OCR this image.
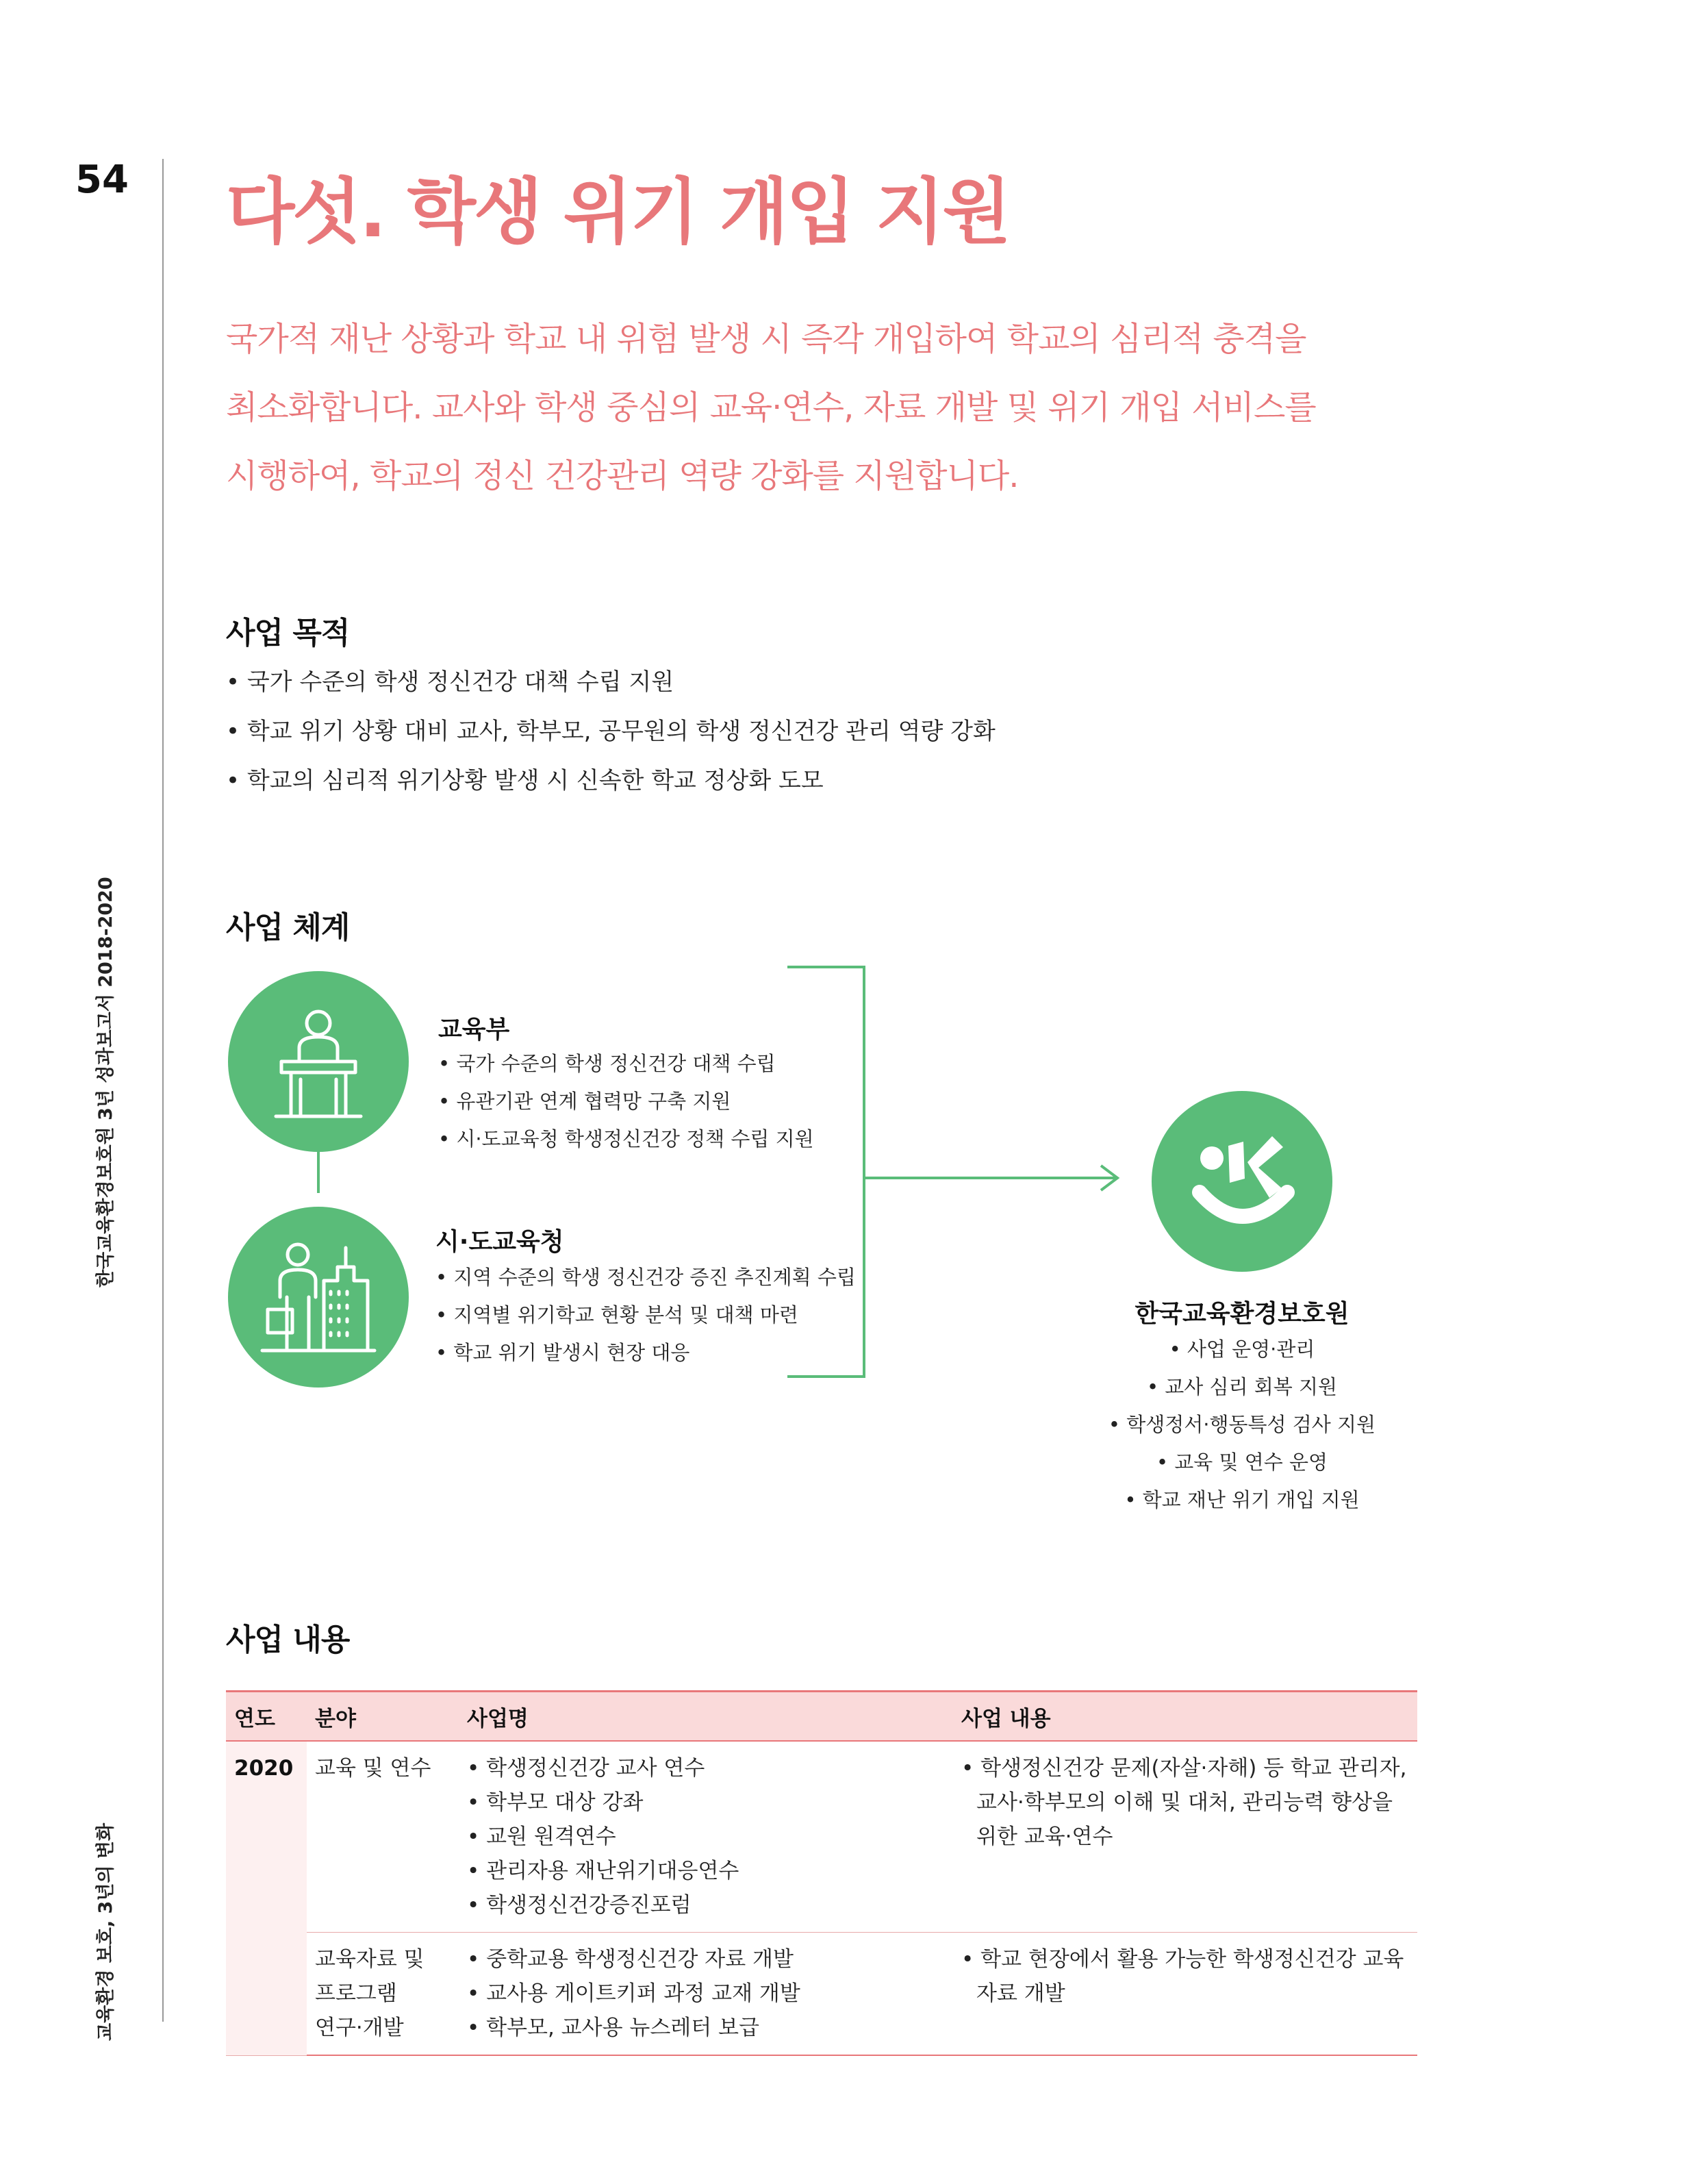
54
한국교육환경보호원 3년 성과보고서 2018-2020
교육환경 보호, 3년의 변화
다섯. 학생 위기 개입 지원
국가적 재난 상황과 학교 내 위험 발생 시 즉각 개입하여 학교의 심리적 충격을
최소화합니다. 교사와 학생 중심의 교육·연수, 자료 개발 및 위기 개입 서비스를
시행하여, 학교의 정신 건강관리 역량 강화를 지원합니다.
사업 목적
• 국가 수준의 학생 정신건강 대책 수립 지원
• 학교 위기 상황 대비 교사, 학부모, 공무원의 학생 정신건강 관리 역량 강화
• 학교의 심리적 위기상황 발생 시 신속한 학교 정상화 도모
사업 체계
교육부
• 국가 수준의 학생 정신건강 대책 수립
• 유관기관 연계 협력망 구축 지원
• 시·도교육청 학생정신건강 정책 수립 지원
시·도교육청
• 지역 수준의 학생 정신건강 증진 추진계획 수립
• 지역별 위기학교 현황 분석 및 대책 마련
• 학교 위기 발생시 현장 대응
한국교육환경보호원
• 사업 운영·관리
• 교사 심리 회복 지원
• 학생정서·행동특성 검사 지원
• 교육 및 연수 운영
• 학교 재난 위기 개입 지원
사업 내용
연도	분야	사업명	사업 내용

2020	교육 및 연수	• 학생정신건강 교사 연수
• 학부모 대상 강좌
• 교원 원격연수
• 관리자용 재난위기대응연수
• 학생정신건강증진포럼	• 학생정신건강 문제(자살·자해) 등 학교 관리자,
교사·학부모의 이해 및 대처, 관리능력 향상을
위한 교육·연수

	교육자료 및
프로그램
연구·개발	• 중학교용 학생정신건강 자료 개발
• 교사용 게이트키퍼 과정 교재 개발
• 학부모, 교사용 뉴스레터 보급	• 학교 현장에서 활용 가능한 학생정신건강 교육
자료 개발
